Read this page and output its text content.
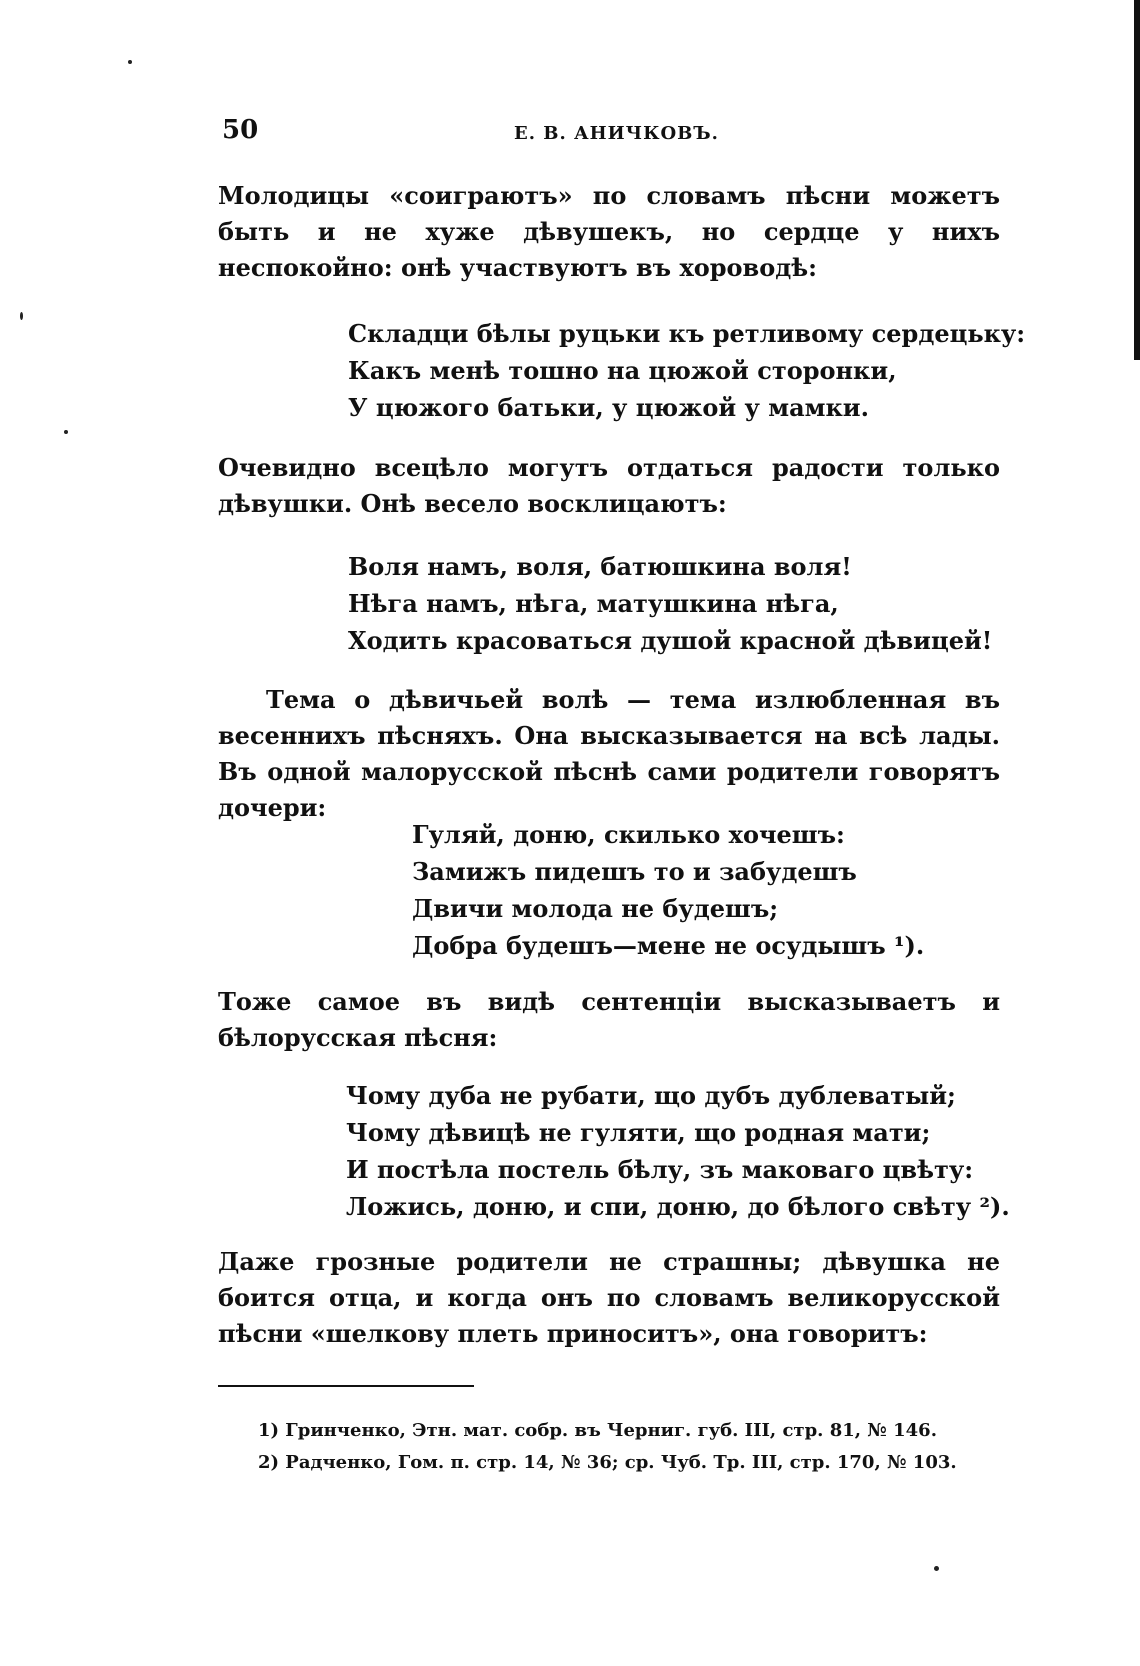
50	Е. В. АНИЧКОВЪ.

Молодицы «соиграютъ» по словамъ пѣсни можетъ быть и не хуже дѣвушекъ, но сердце у нихъ неспокойно: онѣ участвуютъ въ хороводѣ:

Складци бѣлы руцьки къ ретливому сердецьку:
Какъ менѣ тошно на цюжой сторонки,
У цюжого батьки, у цюжой у мамки.

Очевидно всецѣло могутъ отдаться радости только дѣвушки. Онѣ весело восклицаютъ:

Воля намъ, воля, батюшкина воля!
Нѣга намъ, нѣга, матушкина нѣга,
Ходить красоваться душой красной дѣвицей!

Тема о дѣвичьей волѣ — тема излюбленная въ весеннихъ пѣсняхъ. Она высказывается на всѣ лады. Въ одной малорусской пѣснѣ сами родители говорятъ дочери:

Гуляй, доню, скилько хочешъ:
Замижъ пидешъ то и забудешъ
Двичи молода не будешъ;
Добра будешъ—мене не осудышъ ¹).

Тоже самое въ видѣ сентенціи высказываетъ и бѣлорусская пѣсня:

Чому дуба не рубати, що дубъ дублеватый;
Чому дѣвицѣ не гуляти, що родная мати;
И постѣла постель бѣлу, зъ маковаго цвѣту:
Ложись, доню, и спи, доню, до бѣлого свѣту ²).

Даже грозные родители не страшны; дѣвушка не боится отца, и когда онъ по словамъ великорусской пѣсни «шелкову плеть приноситъ», она говоритъ:

1) Гринченко, Этн. мат. собр. въ Черниг. губ. III, стр. 81, № 146.
2) Радченко, Гом. п. стр. 14, № 36; ср. Чуб. Тр. III, стр. 170, № 103.
